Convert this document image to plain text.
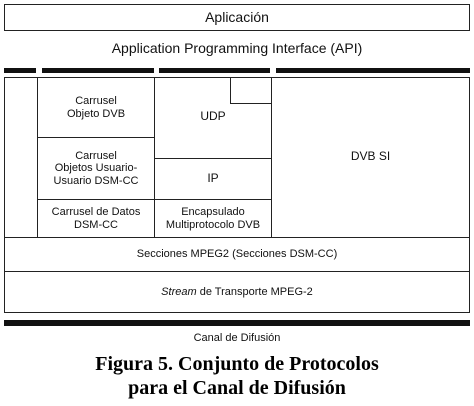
Aplicación
Application Programming Interface (API)
Carrusel
Objeto DVB
Carrusel
Objetos Usuario-
Usuario DSM-CC
Carrusel de Datos
DSM-CC
UDP
IP
Encapsulado
Multiprotocolo DVB
DVB SI
Secciones MPEG2 (Secciones DSM-CC)
Stream de Transporte MPEG-2
Canal de Difusión
Figura 5. Conjunto de Protocolos
para el Canal de Difusión
